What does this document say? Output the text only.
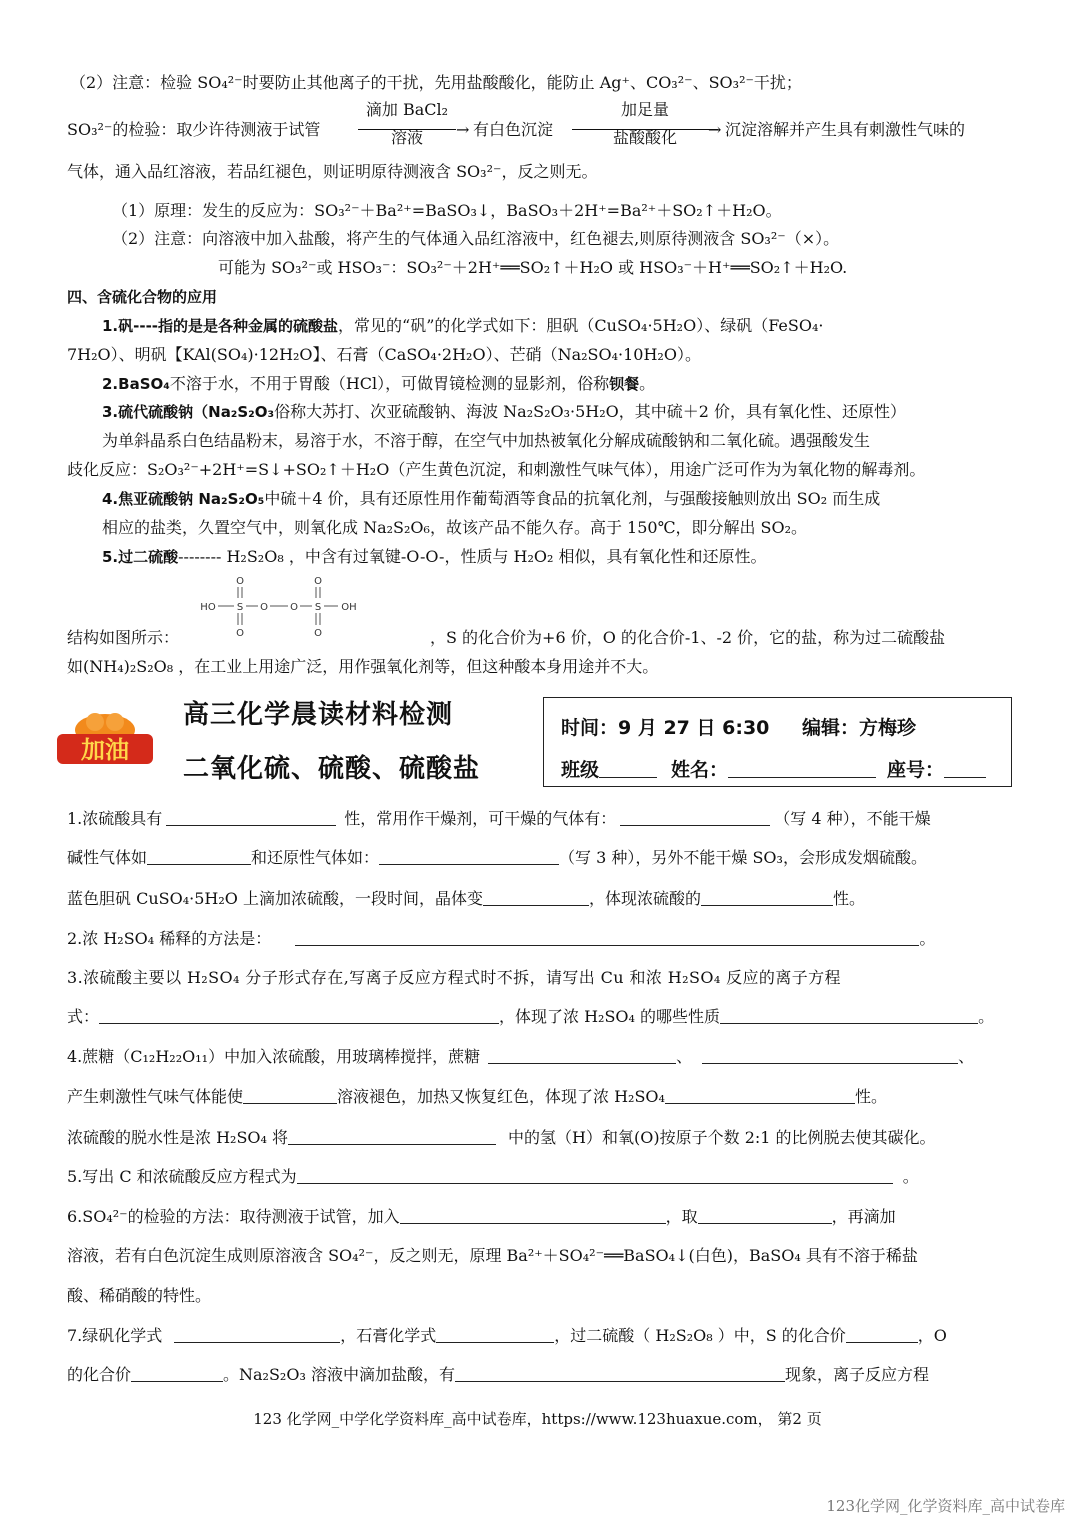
（2）注意：检验 SO₄²⁻时要防止其他离子的干扰，先用盐酸酸化，能防止 Ag⁺、CO₃²⁻、SO₃²⁻干扰；
滴加 BaCl₂
溶液
加足量
盐酸酸化
SO₃²⁻的检验：取少许待测液于试管	→ 有白色沉淀	→ 沉淀溶解并产生具有刺激性气味的
气体，通入品红溶液，若品红褪色，则证明原待测液含 SO₃²⁻，反之则无。
（1）原理：发生的反应为：SO₃²⁻＋Ba²⁺=BaSO₃↓，BaSO₃＋2H⁺=Ba²⁺＋SO₂↑＋H₂O。
（2）注意：向溶液中加入盐酸，将产生的气体通入品红溶液中，红色褪去,则原待测液含 SO₃²⁻（×）。
可能为 SO₃²⁻或 HSO₃⁻：SO₃²⁻＋2H⁺══SO₂↑＋H₂O 或 HSO₃⁻＋H⁺══SO₂↑＋H₂O.
四、含硫化合物的应用
1.矾----指的是是各种金属的硫酸盐，常见的“矾”的化学式如下：胆矾（CuSO₄·5H₂O）、绿矾（FeSO₄·
7H₂O）、明矾【KAl(SO₄)·12H₂O】、石膏（CaSO₄·2H₂O）、芒硝（Na₂SO₄·10H₂O）。
2.BaSO₄不溶于水，不用于胃酸（HCl），可做胃镜检测的显影剂，俗称钡餐。
3.硫代硫酸钠（Na₂S₂O₃俗称大苏打、次亚硫酸钠、海波 Na₂S₂O₃·5H₂O，其中硫＋2 价，具有氧化性、还原性）
为单斜晶系白色结晶粉末，易溶于水，不溶于醇，在空气中加热被氧化分解成硫酸钠和二氧化硫。遇强酸发生
歧化反应：S₂O₃²⁻+2H⁺=S↓+SO₂↑＋H₂O（产生黄色沉淀，和刺激性气味气体），用途广泛可作为为氧化物的解毒剂。
4.焦亚硫酸钠 Na₂S₂O₅中硫＋4 价，具有还原性用作葡萄酒等食品的抗氧化剂，与强酸接触则放出 SO₂ 而生成
相应的盐类，久置空气中，则氧化成 Na₂S₂O₆，故该产品不能久存。高于 150℃，即分解出 SO₂。
5.过二硫酸-------- H₂S₂O₈ ，中含有过氧键-O-O-，性质与 H₂O₂ 相似，具有氧化性和还原性。
HO S
O
O
O O S
O
O
OH
结构如图所示：	，S 的化合价为+6 价，O 的化合价-1、-2 价，它的盐，称为过二硫酸盐
如(NH₄)₂S₂O₈ ，在工业上用途广泛，用作强氧化剂等，但这种酸本身用途并不大。
加油
高三化学晨读材料检测
二氧化硫、硫酸、硫酸盐
时间：9 月 27 日 6:30 编辑：方梅珍
班级	姓名：	座号：
1.浓硫酸具有	性，常用作干燥剂，可干燥的气体有：	（写 4 种），不能干燥
碱性气体如	和还原性气体如：	（写 3 种），另外不能干燥 SO₃，会形成发烟硫酸。
蓝色胆矾 CuSO₄·5H₂O 上滴加浓硫酸，一段时间，晶体变	，体现浓硫酸的	性。
2.浓 H₂SO₄ 稀释的方法是：	。
3.浓硫酸主要以 H₂SO₄ 分子形式存在,写离子反应方程式时不拆，请写出 Cu 和浓 H₂SO₄ 反应的离子方程
式：	，体现了浓 H₂SO₄ 的哪些性质	。
4.蔗糖（C₁₂H₂₂O₁₁）中加入浓硫酸，用玻璃棒搅拌，蔗糖	、	、
产生刺激性气味气体能使	溶液褪色，加热又恢复红色，体现了浓 H₂SO₄	性。
浓硫酸的脱水性是浓 H₂SO₄ 将	中的氢（H）和氧(O)按原子个数 2:1 的比例脱去使其碳化。
5.写出 C 和浓硫酸反应方程式为	。
6.SO₄²⁻的检验的方法：取待测液于试管，加入	，取	，再滴加
溶液，若有白色沉淀生成则原溶液含 SO₄²⁻，反之则无，原理 Ba²⁺＋SO₄²⁻══BaSO₄↓(白色)，BaSO₄ 具有不溶于稀盐
酸、稀硝酸的特性。
7.绿矾化学式	，石膏化学式	，过二硫酸（ H₂S₂O₈ ）中，S 的化合价	，O
的化合价	。Na₂S₂O₃ 溶液中滴加盐酸，有	现象，离子反应方程
123 化学网_中学化学资料库_高中试卷库，https://www.123huaxue.com， 第2 页
123化学网_化学资料库_高中试卷库
